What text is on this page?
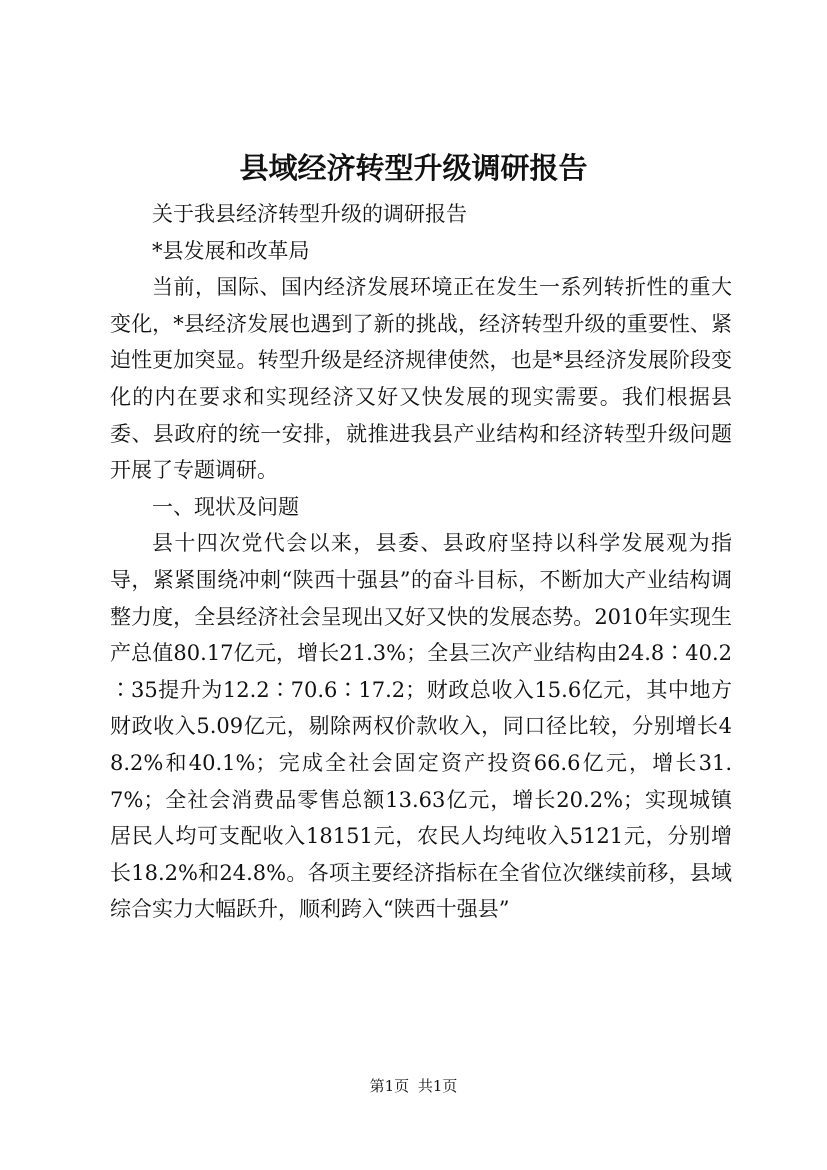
县域经济转型升级调研报告

关于我县经济转型升级的调研报告

*县发展和改革局

当前，国际、国内经济发展环境正在发生一系列转折性的重大变化，*县经济发展也遇到了新的挑战，经济转型升级的重要性、紧迫性更加突显。转型升级是经济规律使然，也是*县经济发展阶段变化的内在要求和实现经济又好又快发展的现实需要。我们根据县委、县政府的统一安排，就推进我县产业结构和经济转型升级问题开展了专题调研。

一、现状及问题

县十四次党代会以来，县委、县政府坚持以科学发展观为指导，紧紧围绕冲刺“陕西十强县”的奋斗目标，不断加大产业结构调整力度，全县经济社会呈现出又好又快的发展态势。2010年实现生产总值80.17亿元，增长21.3%；全县三次产业结构由24.8∶40.2∶35提升为12.2∶70.6∶17.2；财政总收入15.6亿元，其中地方财政收入5.09亿元，剔除两权价款收入，同口径比较，分别增长48.2%和40.1%；完成全社会固定资产投资66.6亿元，增长31.7%；全社会消费品零售总额13.63亿元，增长20.2%；实现城镇居民人均可支配收入18151元，农民人均纯收入5121元，分别增长18.2%和24.8%。各项主要经济指标在全省位次继续前移，县域综合实力大幅跃升，顺利跨入“陕西十强县”

第1页 共1页
